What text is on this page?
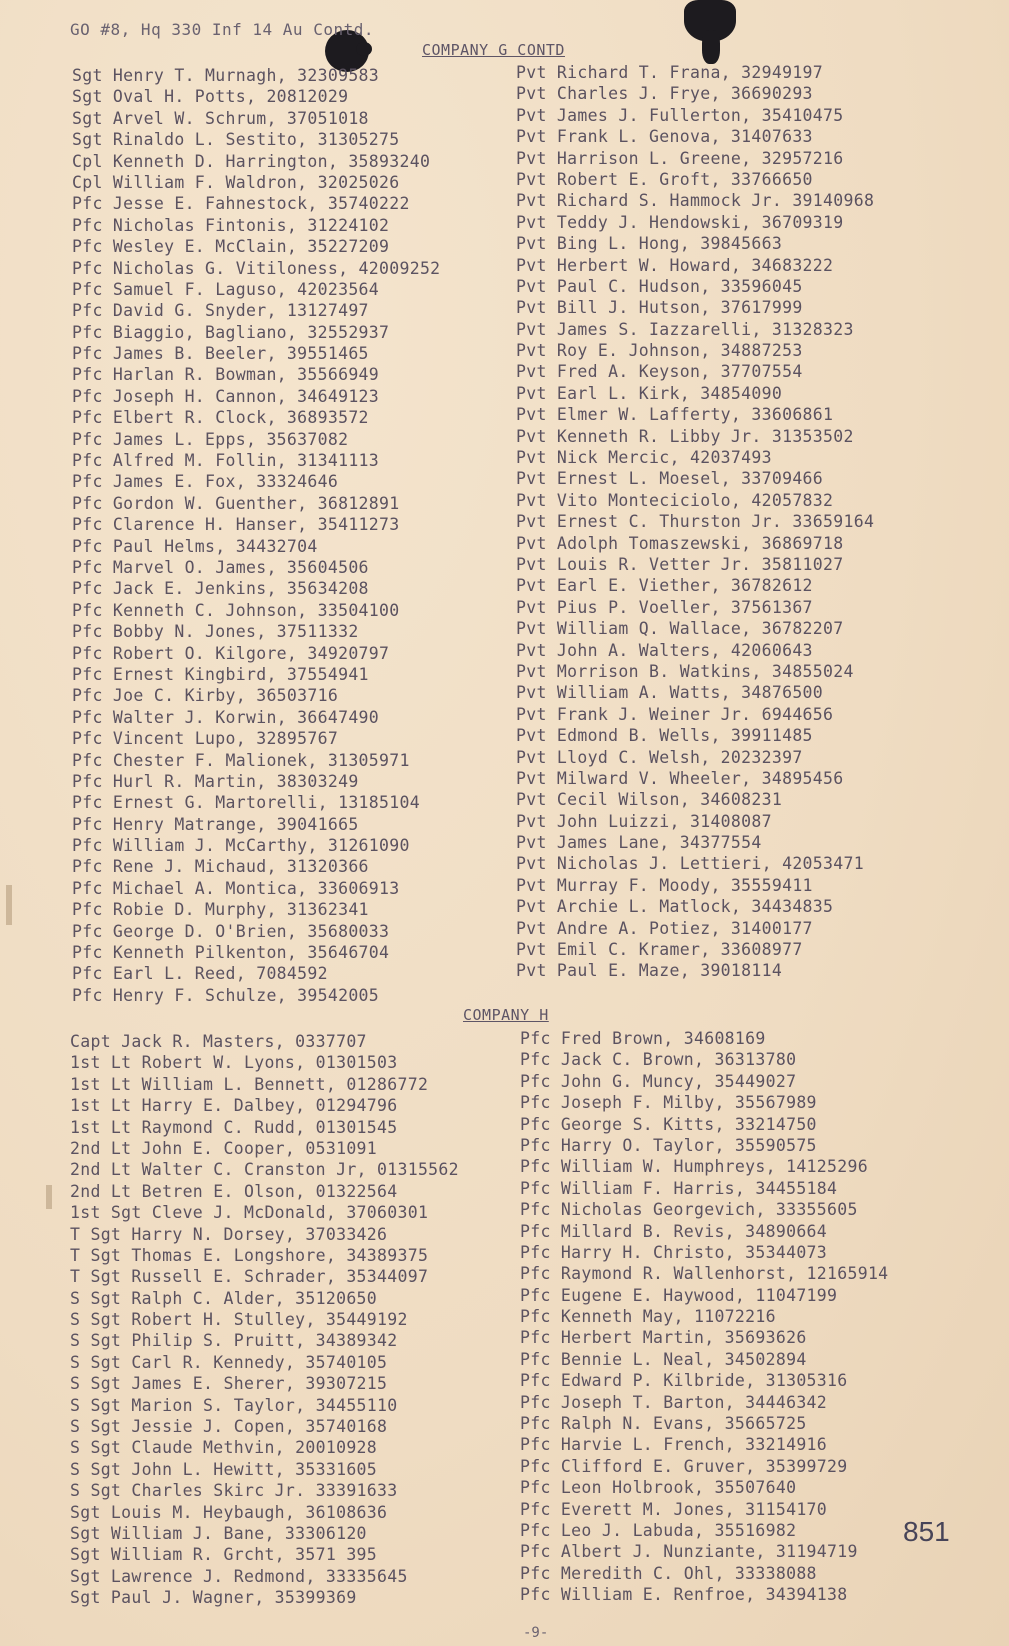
GO #8, Hq 330 Inf 14 Au Contd.
COMPANY G CONTD
Sgt Henry T. Murnagh, 32309583
Sgt Oval H. Potts, 20812029
Sgt Arvel W. Schrum, 37051018
Sgt Rinaldo L. Sestito, 31305275
Cpl Kenneth D. Harrington, 35893240
Cpl William F. Waldron, 32025026
Pfc Jesse E. Fahnestock, 35740222
Pfc Nicholas Fintonis, 31224102
Pfc Wesley E. McClain, 35227209
Pfc Nicholas G. Vitiloness, 42009252
Pfc Samuel F. Laguso, 42023564
Pfc David G. Snyder, 13127497
Pfc Biaggio, Bagliano, 32552937
Pfc James B. Beeler, 39551465
Pfc Harlan R. Bowman, 35566949
Pfc Joseph H. Cannon, 34649123
Pfc Elbert R. Clock, 36893572
Pfc James L. Epps, 35637082
Pfc Alfred M. Follin, 31341113
Pfc James E. Fox, 33324646
Pfc Gordon W. Guenther, 36812891
Pfc Clarence H. Hanser, 35411273
Pfc Paul Helms, 34432704
Pfc Marvel O. James, 35604506
Pfc Jack E. Jenkins, 35634208
Pfc Kenneth C. Johnson, 33504100
Pfc Bobby N. Jones, 37511332
Pfc Robert O. Kilgore, 34920797
Pfc Ernest Kingbird, 37554941
Pfc Joe C. Kirby, 36503716
Pfc Walter J. Korwin, 36647490
Pfc Vincent Lupo, 32895767
Pfc Chester F. Malionek, 31305971
Pfc Hurl R. Martin, 38303249
Pfc Ernest G. Martorelli, 13185104
Pfc Henry Matrange, 39041665
Pfc William J. McCarthy, 31261090
Pfc Rene J. Michaud, 31320366
Pfc Michael A. Montica, 33606913
Pfc Robie D. Murphy, 31362341
Pfc George D. O'Brien, 35680033
Pfc Kenneth Pilkenton, 35646704
Pfc Earl L. Reed, 7084592
Pfc Henry F. Schulze, 39542005
Pvt Richard T. Frana, 32949197
Pvt Charles J. Frye, 36690293
Pvt James J. Fullerton, 35410475
Pvt Frank L. Genova, 31407633
Pvt Harrison L. Greene, 32957216
Pvt Robert E. Groft, 33766650
Pvt Richard S. Hammock Jr. 39140968
Pvt Teddy J. Hendowski, 36709319
Pvt Bing L. Hong, 39845663
Pvt Herbert W. Howard, 34683222
Pvt Paul C. Hudson, 33596045
Pvt Bill J. Hutson, 37617999
Pvt James S. Iazzarelli, 31328323
Pvt Roy E. Johnson, 34887253
Pvt Fred A. Keyson, 37707554
Pvt Earl L. Kirk, 34854090
Pvt Elmer W. Lafferty, 33606861
Pvt Kenneth R. Libby Jr. 31353502
Pvt Nick Mercic, 42037493
Pvt Ernest L. Moesel, 33709466
Pvt Vito Monteciciolo, 42057832
Pvt Ernest C. Thurston Jr. 33659164
Pvt Adolph Tomaszewski, 36869718
Pvt Louis R. Vetter Jr. 35811027
Pvt Earl E. Viether, 36782612
Pvt Pius P. Voeller, 37561367
Pvt William Q. Wallace, 36782207
Pvt John A. Walters, 42060643
Pvt Morrison B. Watkins, 34855024
Pvt William A. Watts, 34876500
Pvt Frank J. Weiner Jr. 6944656
Pvt Edmond B. Wells, 39911485
Pvt Lloyd C. Welsh, 20232397
Pvt Milward V. Wheeler, 34895456
Pvt Cecil Wilson, 34608231
Pvt John Luizzi, 31408087
Pvt James Lane, 34377554
Pvt Nicholas J. Lettieri, 42053471
Pvt Murray F. Moody, 35559411
Pvt Archie L. Matlock, 34434835
Pvt Andre A. Potiez, 31400177
Pvt Emil C. Kramer, 33608977
Pvt Paul E. Maze, 39018114
COMPANY H
Capt Jack R. Masters, 0337707
1st Lt Robert W. Lyons, 01301503
1st Lt William L. Bennett, 01286772
1st Lt Harry E. Dalbey, 01294796
1st Lt Raymond C. Rudd, 01301545
2nd Lt John E. Cooper, 0531091
2nd Lt Walter C. Cranston Jr, 01315562
2nd Lt Betren E. Olson, 01322564
1st Sgt Cleve J. McDonald, 37060301
T Sgt Harry N. Dorsey, 37033426
T Sgt Thomas E. Longshore, 34389375
T Sgt Russell E. Schrader, 35344097
S Sgt Ralph C. Alder, 35120650
S Sgt Robert H. Stulley, 35449192
S Sgt Philip S. Pruitt, 34389342
S Sgt Carl R. Kennedy, 35740105
S Sgt James E. Sherer, 39307215
S Sgt Marion S. Taylor, 34455110
S Sgt Jessie J. Copen, 35740168
S Sgt Claude Methvin, 20010928
S Sgt John L. Hewitt, 35331605
S Sgt Charles Skirc Jr. 33391633
Sgt Louis M. Heybaugh, 36108636
Sgt William J. Bane, 33306120
Sgt William R. Grcht, 3571 395
Sgt Lawrence J. Redmond, 33335645
Sgt Paul J. Wagner, 35399369
Pfc Fred Brown, 34608169
Pfc Jack C. Brown, 36313780
Pfc John G. Muncy, 35449027
Pfc Joseph F. Milby, 35567989
Pfc George S. Kitts, 33214750
Pfc Harry O. Taylor, 35590575
Pfc William W. Humphreys, 14125296
Pfc William F. Harris, 34455184
Pfc Nicholas Georgevich, 33355605
Pfc Millard B. Revis, 34890664
Pfc Harry H. Christo, 35344073
Pfc Raymond R. Wallenhorst, 12165914
Pfc Eugene E. Haywood, 11047199
Pfc Kenneth May, 11072216
Pfc Herbert Martin, 35693626
Pfc Bennie L. Neal, 34502894
Pfc Edward P. Kilbride, 31305316
Pfc Joseph T. Barton, 34446342
Pfc Ralph N. Evans, 35665725
Pfc Harvie L. French, 33214916
Pfc Clifford E. Gruver, 35399729
Pfc Leon Holbrook, 35507640
Pfc Everett M. Jones, 31154170
Pfc Leo J. Labuda, 35516982
Pfc Albert J. Nunziante, 31194719
Pfc Meredith C. Ohl, 33338088
Pfc William E. Renfroe, 34394138
851
-9-
